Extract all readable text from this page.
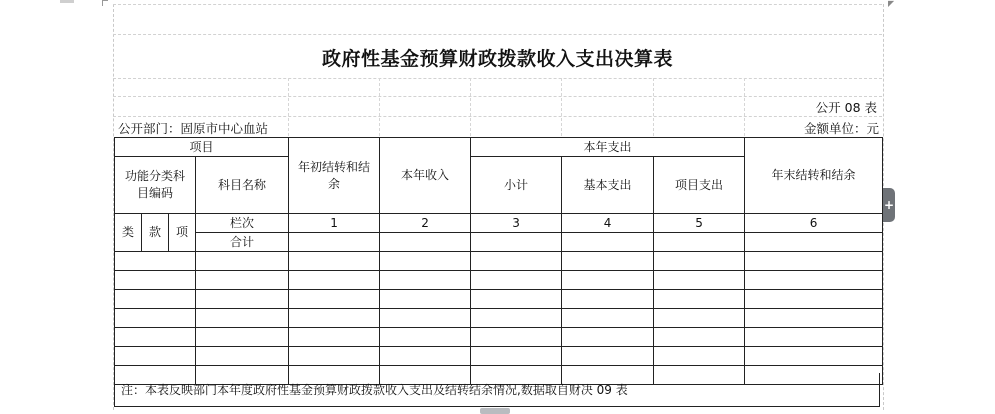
◤
政府性基金预算财政拨款收入支出决算表
公开 08 表
公开部门：固原市中心血站	金额单位：元
项目				年初结转和结余	本年收入	本年支出			年末结转和结余
功能分类科目编码			科目名称			小计	基本支出	项目支出	
类	款	项	栏次	1	2	3	4	5	6
			合计						

注：本表反映部门本年度政府性基金预算财政拨款收入支出及结转结余情况,数据取自财决 09 表
+
